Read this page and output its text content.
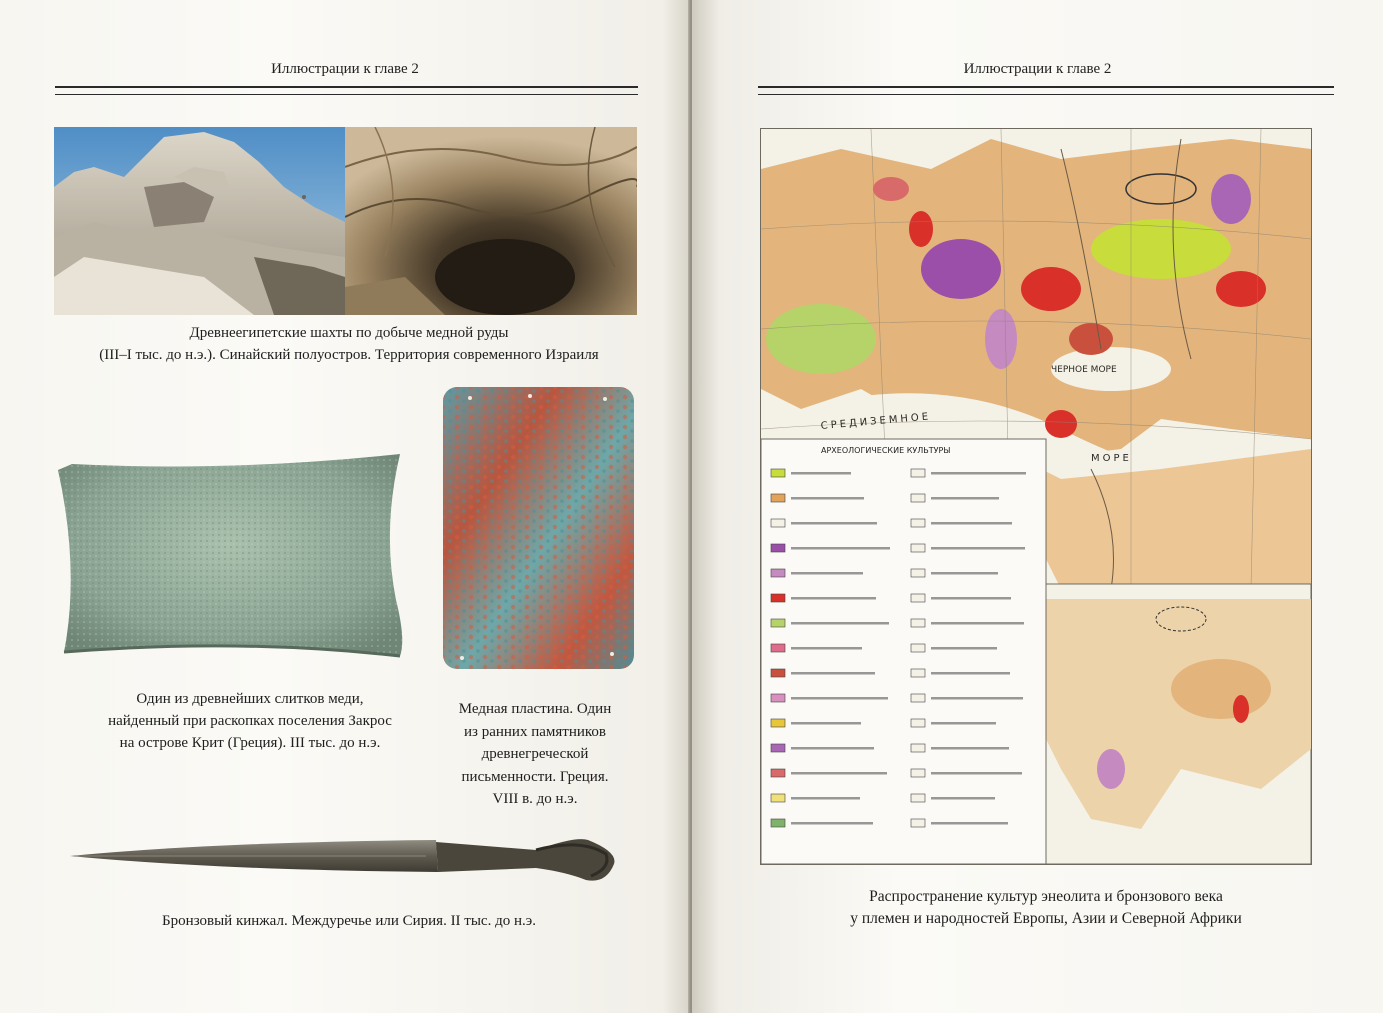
Иллюстрации к главе 2
Древнеегипетские шахты по добыче медной руды
(III–I тыс. до н.э.). Синайский полуостров. Территория современного Израиля
Один из древнейших слитков меди,
найденный при раскопках поселения Закрос
на острове Крит (Греция). III тыс. до н.э.
Медная пластина. Один
из ранних памятников
древнегреческой
письменности. Греция.
VIII в. до н.э.
Бронзовый кинжал. Междуречье или Сирия. II тыс. до н.э.
Иллюстрации к главе 2
ЧЕРНОЕ МОРЕ
СРЕДИЗЕМНОЕ
МОРЕ
АРХЕОЛОГИЧЕСКИЕ КУЛЬТУРЫ
Распространение культур энеолита и бронзового века
у племен и народностей Европы, Азии и Северной Африки
